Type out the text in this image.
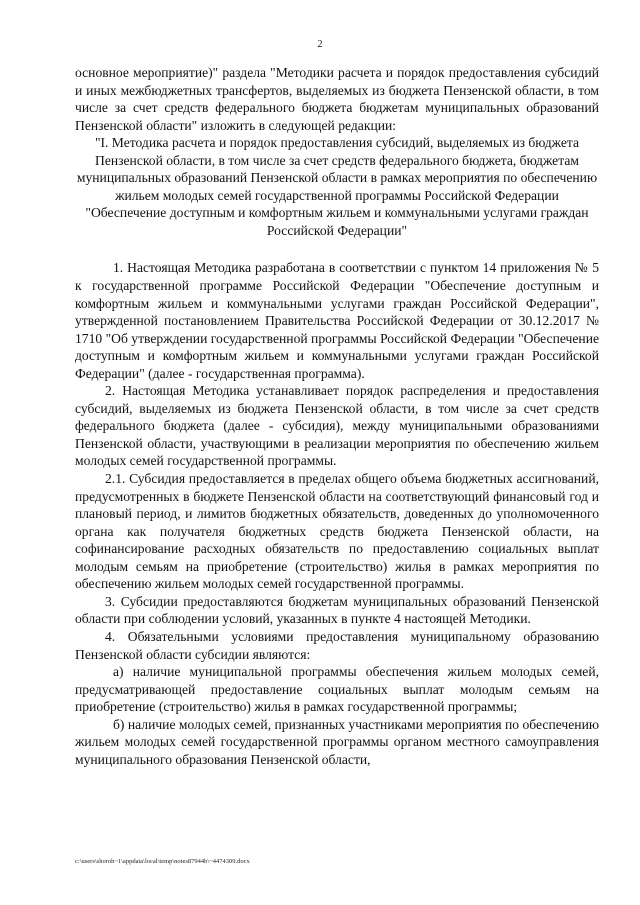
2

основное мероприятие)" раздела "Методики расчета и порядок предоставления субсидий и иных межбюджетных трансфертов, выделяемых из бюджета Пензенской области, в том числе за счет средств федерального бюджета бюджетам муниципальных образований Пензенской области" изложить в следующей редакции:

"I. Методика расчета и порядок предоставления субсидий, выделяемых из бюджета Пензенской области, в том числе за счет средств федерального бюджета, бюджетам муниципальных образований Пензенской области в рамках мероприятия по обеспечению жильем молодых семей государственной программы Российской Федерации "Обеспечение доступным и комфортным жильем и коммунальными услугами граждан Российской Федерации"

1. Настоящая Методика разработана в соответствии с пунктом 14 приложения № 5 к государственной программе Российской Федерации "Обеспечение доступным и комфортным жильем и коммунальными услугами граждан Российской Федерации", утвержденной постановлением Правительства Российской Федерации от 30.12.2017 № 1710 "Об утверждении государственной программы Российской Федерации "Обеспечение доступным и комфортным жильем и коммунальными услугами граждан Российской Федерации" (далее - государственная программа).

2. Настоящая Методика устанавливает порядок распределения и предоставления субсидий, выделяемых из бюджета Пензенской области, в том числе за счет средств федерального бюджета (далее - субсидия), между муниципальными образованиями Пензенской области, участвующими в реализации мероприятия по обеспечению жильем молодых семей государственной программы.

2.1. Субсидия предоставляется в пределах общего объема бюджетных ассигнований, предусмотренных в бюджете Пензенской области на соответствующий финансовый год и плановый период, и лимитов бюджетных обязательств, доведенных до уполномоченного органа как получателя бюджетных средств бюджета Пензенской области, на софинансирование расходных обязательств по предоставлению социальных выплат молодым семьям на приобретение (строительство) жилья в рамках мероприятия по обеспечению жильем молодых семей государственной программы.

3. Субсидии предоставляются бюджетам муниципальных образований Пензенской области при соблюдении условий, указанных в пункте 4 настоящей Методики.

4. Обязательными условиями предоставления муниципальному образованию Пензенской области субсидии являются:

а) наличие муниципальной программы обеспечения жильем молодых семей, предусматривающей предоставление социальных выплат молодым семьям на приобретение (строительство) жилья в рамках государственной программы;

б) наличие молодых семей, признанных участниками мероприятия по обеспечению жильем молодых семей государственной программы органом местного самоуправления муниципального образования Пензенской области,

c:\users\shoroh~1\appdata\local\temp\notes87944b\~4474309.docx
